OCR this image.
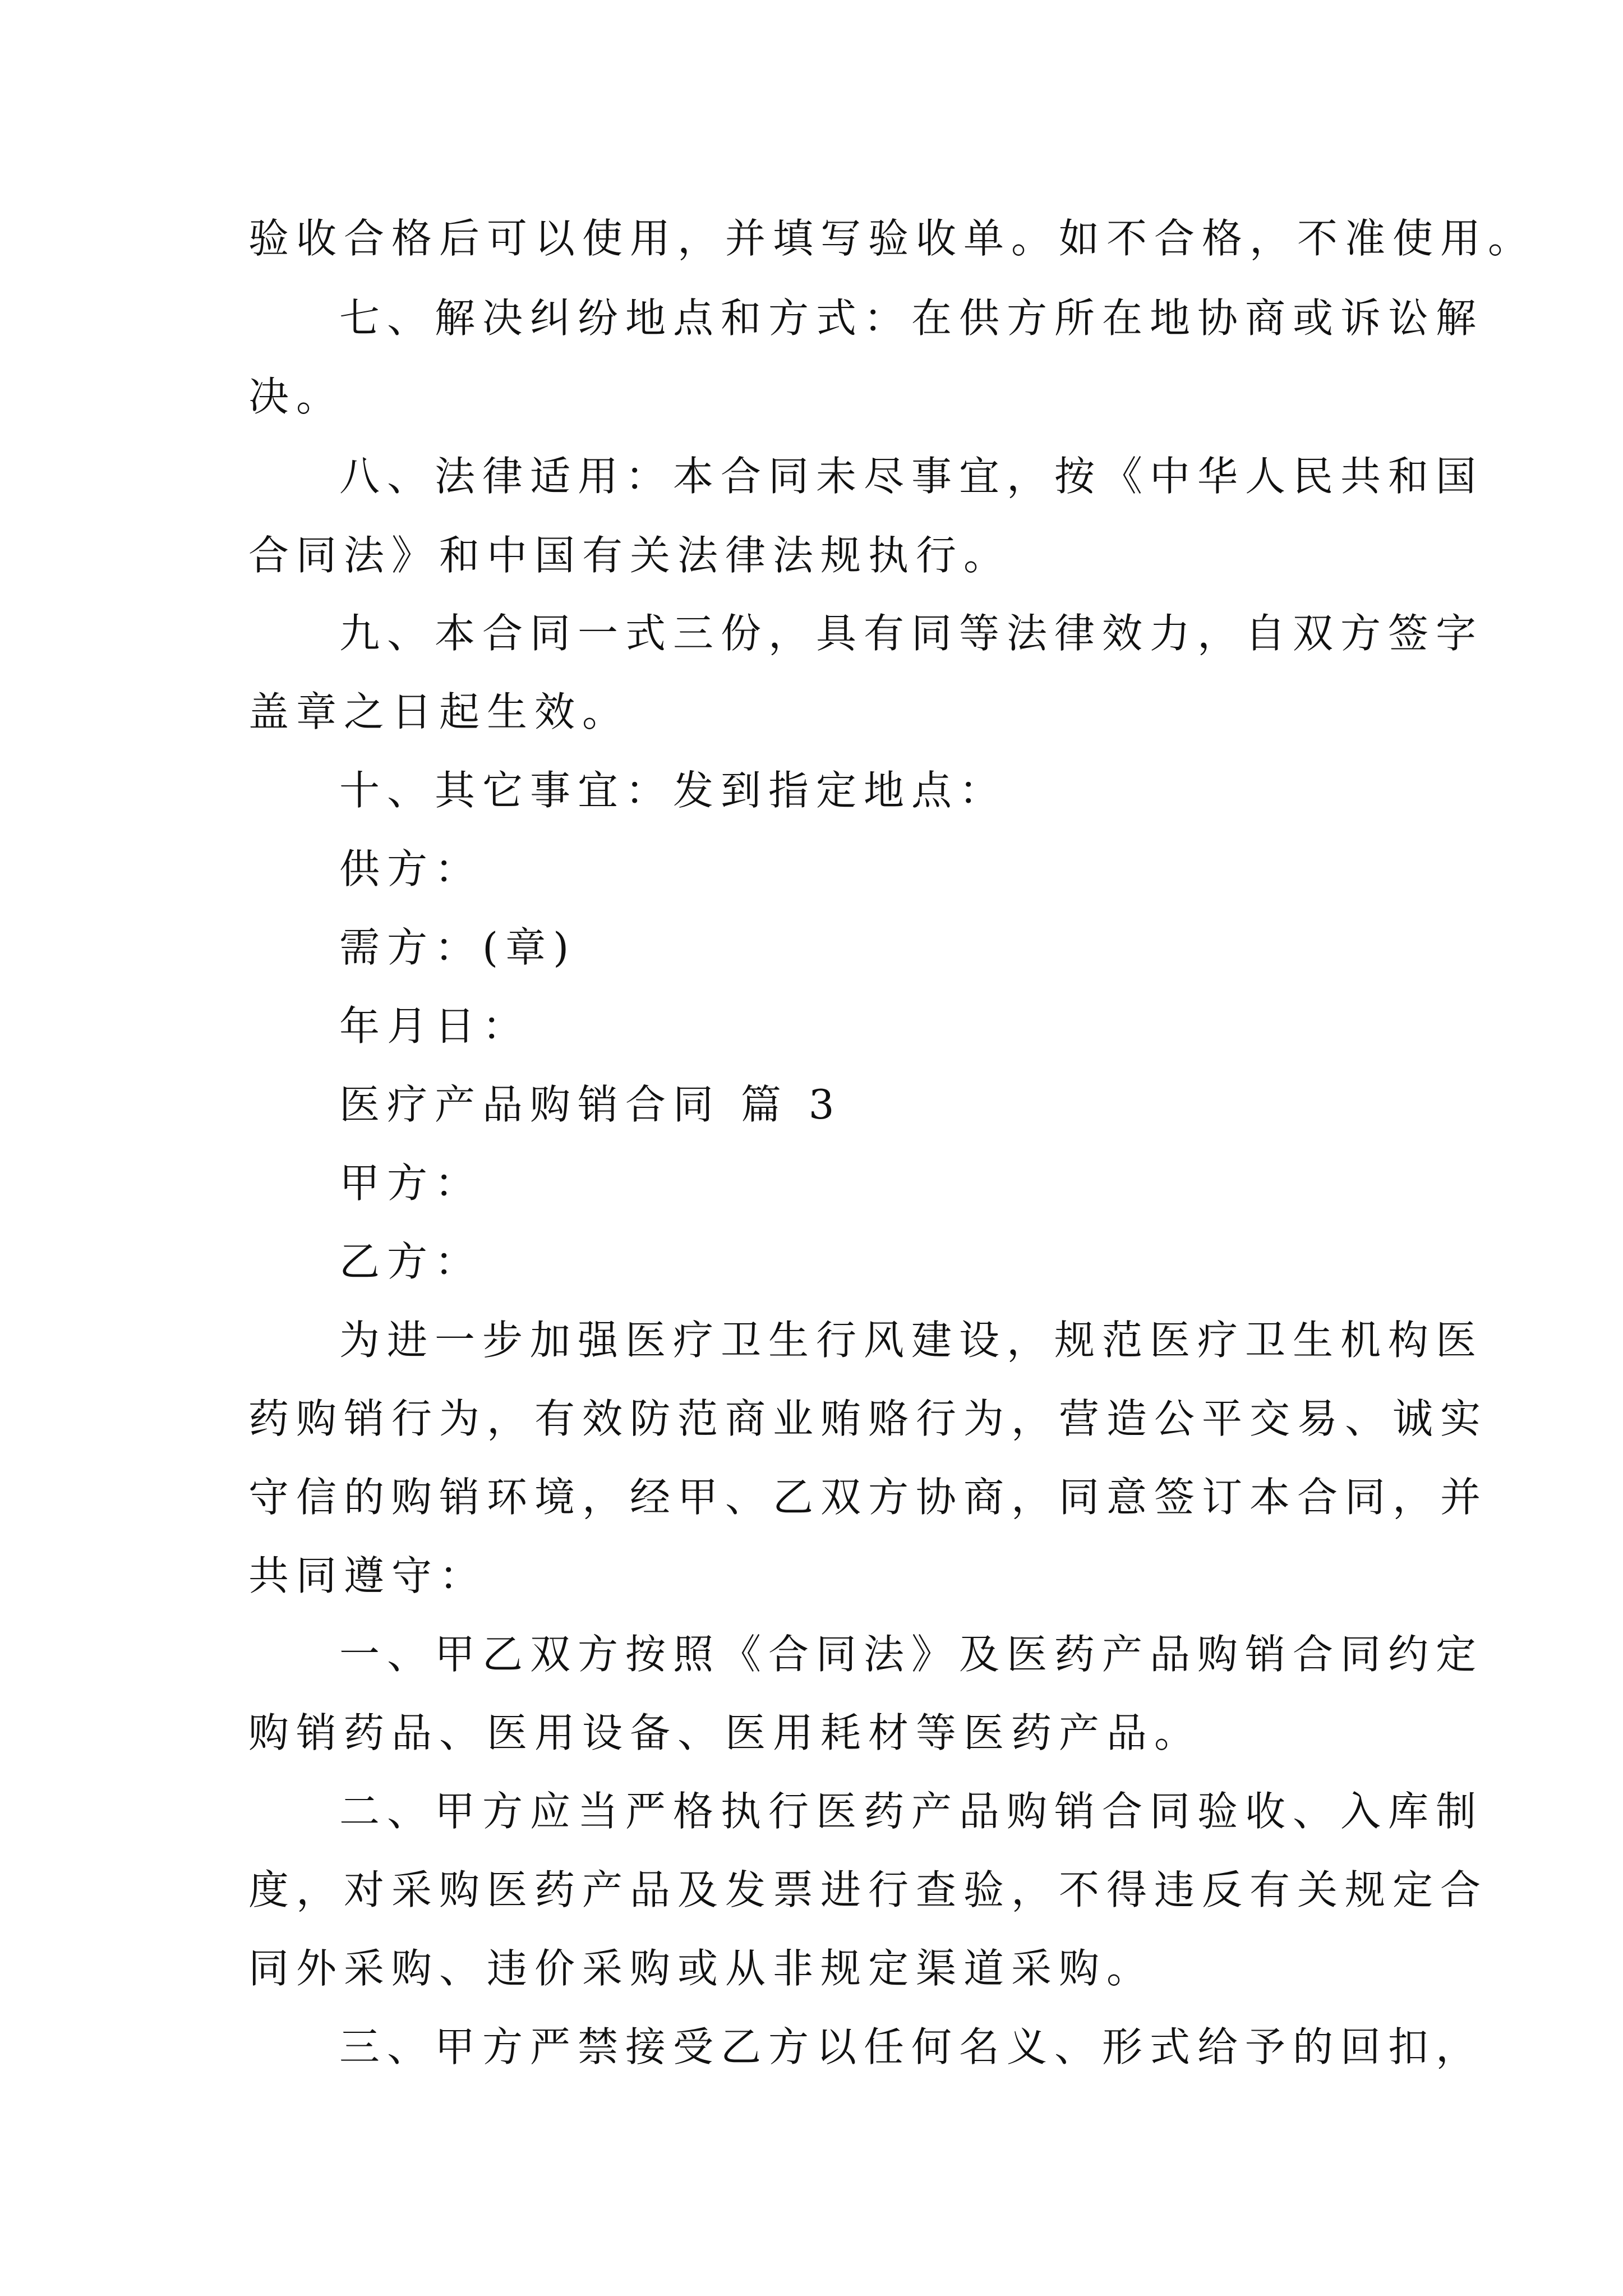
验收合格后可以使用，并填写验收单。如不合格，不准使用。
七、解决纠纷地点和方式：在供方所在地协商或诉讼解
决。
八、法律适用：本合同未尽事宜，按《中华人民共和国
合同法》和中国有关法律法规执行。
九、本合同一式三份，具有同等法律效力，自双方签字
盖章之日起生效。
十、其它事宜：发到指定地点：
供方：
需方：(章)
年月日：
医疗产品购销合同 篇 3
甲方：
乙方：
为进一步加强医疗卫生行风建设，规范医疗卫生机构医
药购销行为，有效防范商业贿赂行为，营造公平交易、诚实
守信的购销环境，经甲、乙双方协商，同意签订本合同，并
共同遵守：
一、甲乙双方按照《合同法》及医药产品购销合同约定
购销药品、医用设备、医用耗材等医药产品。
二、甲方应当严格执行医药产品购销合同验收、入库制
度，对采购医药产品及发票进行查验，不得违反有关规定合
同外采购、违价采购或从非规定渠道采购。
三、甲方严禁接受乙方以任何名义、形式给予的回扣，
